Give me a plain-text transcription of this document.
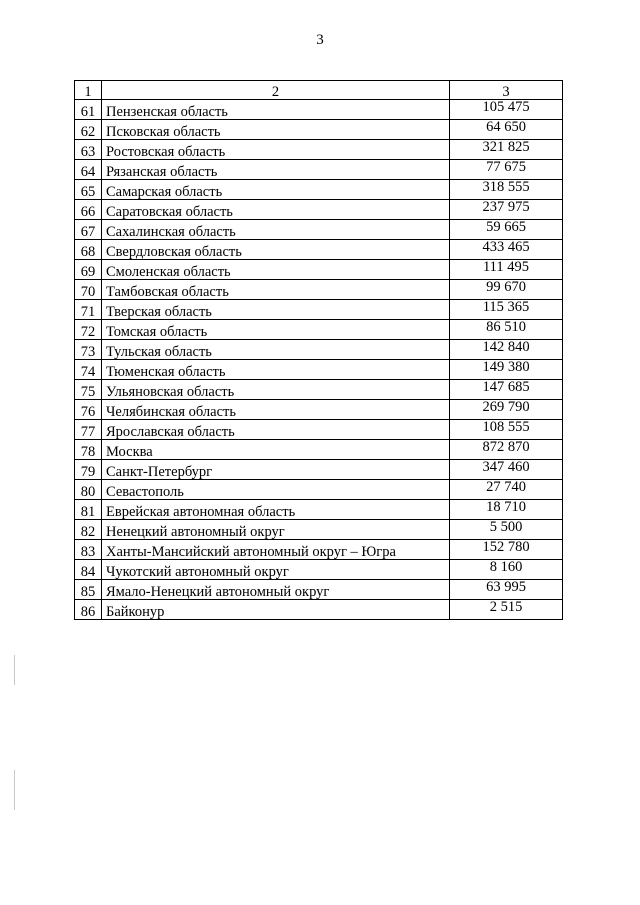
3
1	2	3
61	Пензенская область	105 475
62	Псковская область	64 650
63	Ростовская область	321 825
64	Рязанская область	77 675
65	Самарская область	318 555
66	Саратовская область	237 975
67	Сахалинская область	59 665
68	Свердловская область	433 465
69	Смоленская область	111 495
70	Тамбовская область	99 670
71	Тверская область	115 365
72	Томская область	86 510
73	Тульская область	142 840
74	Тюменская область	149 380
75	Ульяновская область	147 685
76	Челябинская область	269 790
77	Ярославская область	108 555
78	Москва	872 870
79	Санкт-Петербург	347 460
80	Севастополь	27 740
81	Еврейская автономная область	18 710
82	Ненецкий автономный округ	5 500
83	Ханты-Мансийский автономный округ – Югра	152 780
84	Чукотский автономный округ	8 160
85	Ямало-Ненецкий автономный округ	63 995
86	Байконур	2 515
